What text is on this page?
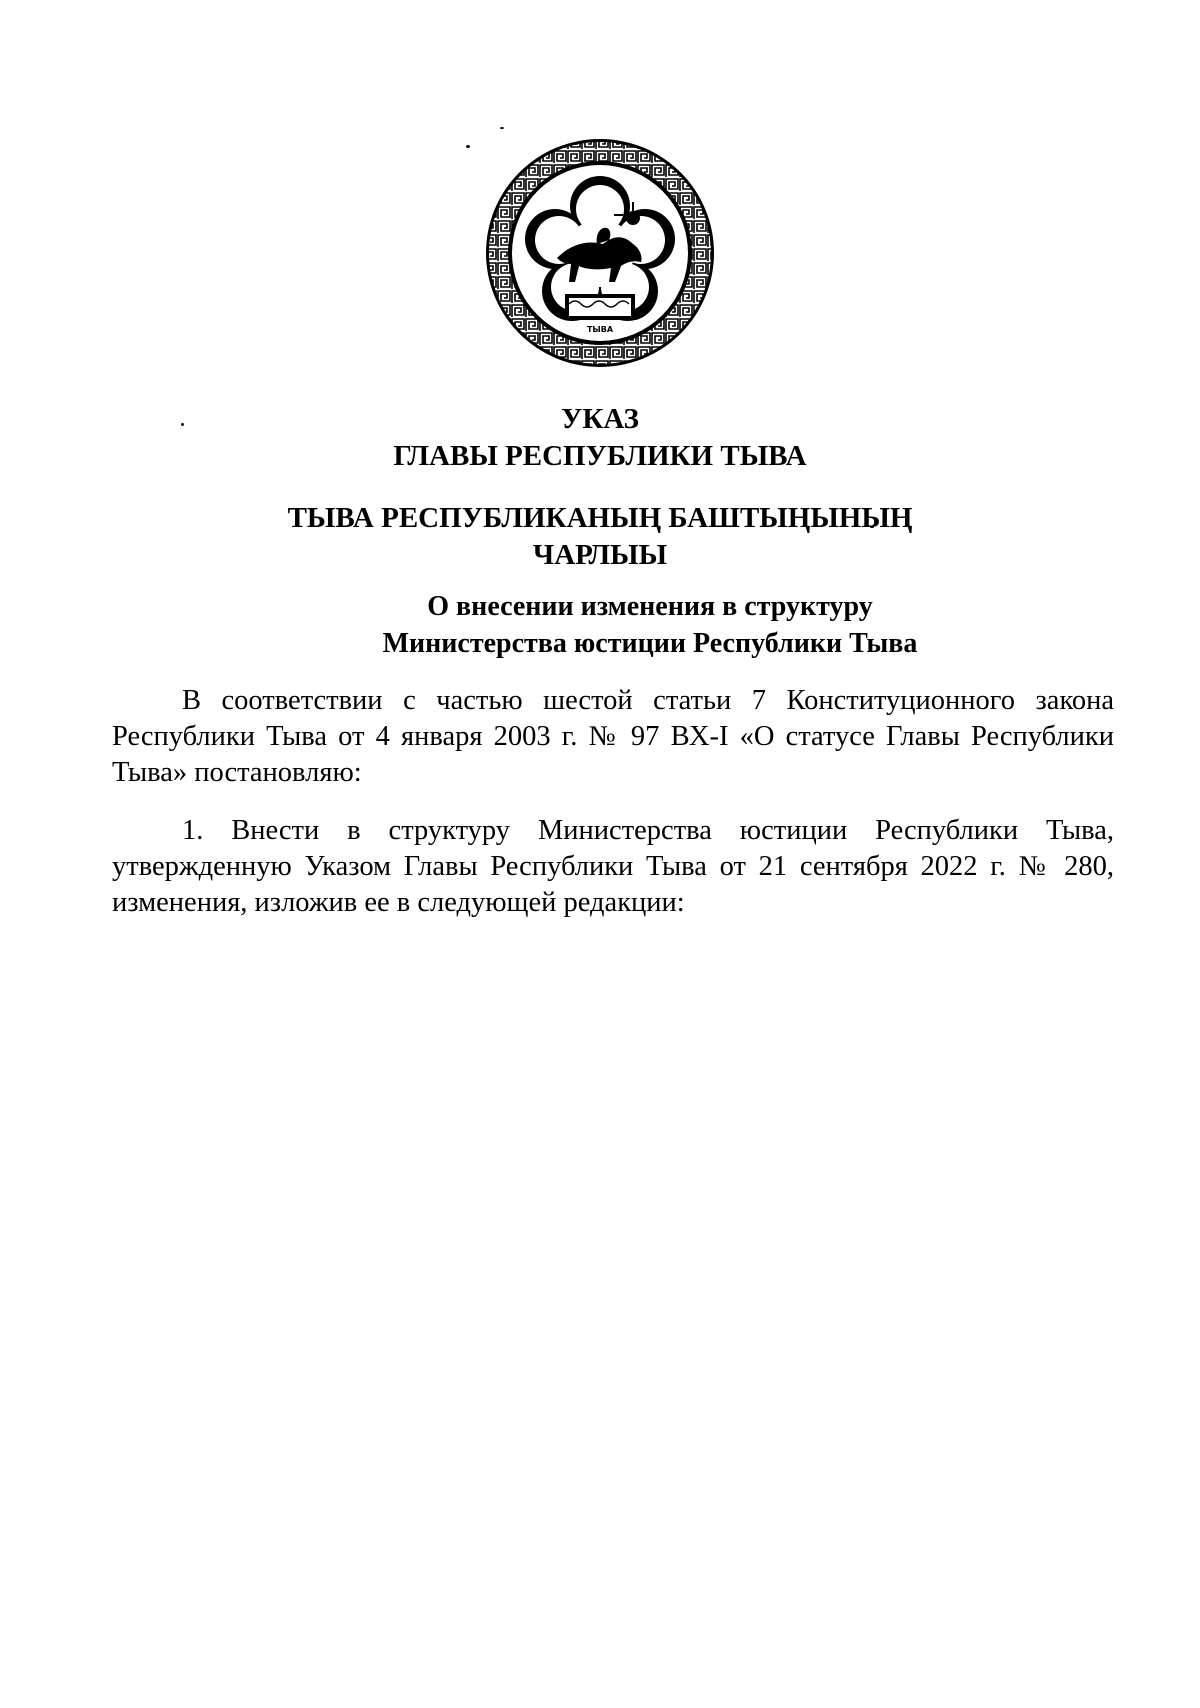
ТЫВА
УКАЗ
ГЛАВЫ РЕСПУБЛИКИ ТЫВА
ТЫВА РЕСПУБЛИКАНЫҢ БАШТЫҢЫНЫҢ
ЧАРЛЫЫ
О внесении изменения в структуру
Министерства юстиции Республики Тыва
В соответствии с частью шестой статьи 7 Конституционного закона
Республики Тыва от 4 января 2003 г. № 97 ВХ-I «О статусе Главы Республики
Тыва» постановляю:
1. Внести в структуру Министерства юстиции Республики Тыва,
утвержденную Указом Главы Республики Тыва от 21 сентября 2022 г. № 280,
изменения, изложив ее в следующей редакции:
